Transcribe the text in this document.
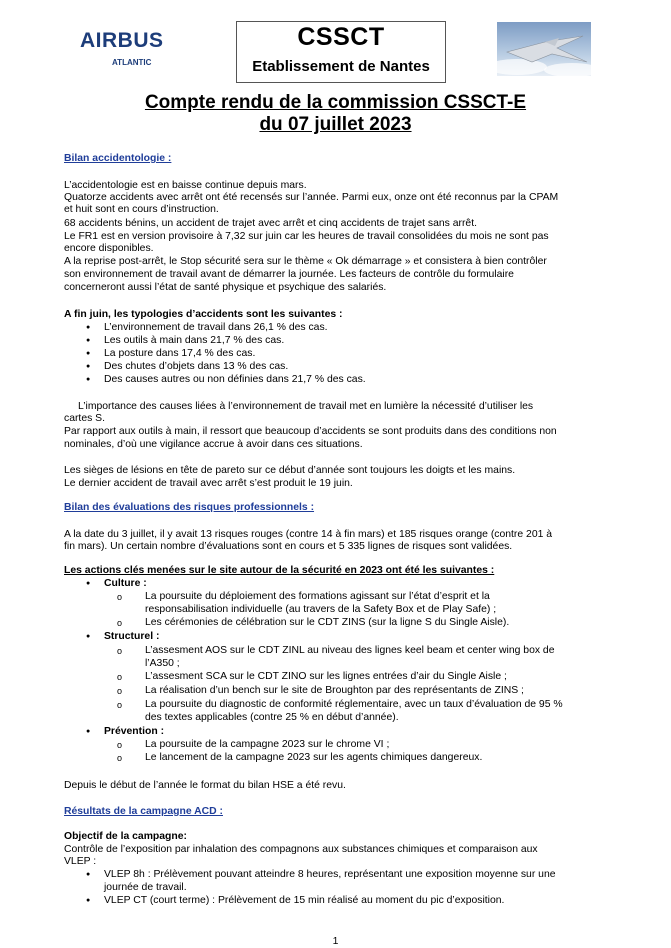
AIRBUS
ATLANTIC
CSSCT
Etablissement de Nantes
Compte rendu de la commission CSSCT-E
du 07 juillet 2023
Bilan accidentologie :
L’accidentologie est en baisse continue depuis mars.
Quatorze accidents avec arrêt ont été recensés sur l’année. Parmi eux, onze ont été reconnus par la CPAM
et huit sont en cours d’instruction.
68 accidents bénins, un accident de trajet avec arrêt et cinq accidents de trajet sans arrêt.
Le FR1 est en version provisoire à 7,32 sur juin car les heures de travail consolidées du mois ne sont pas
encore disponibles.
A la reprise post-arrêt, le Stop sécurité sera sur le thème « Ok démarrage » et consistera à bien contrôler
son environnement de travail avant de démarrer la journée. Les facteurs de contrôle du formulaire
concerneront aussi l’état de santé physique et psychique des salariés.
A fin juin, les typologies d’accidents sont les suivantes :
● L’environnement de travail dans 26,1 % des cas.
● Les outils à main dans 21,7 % des cas.
● La posture dans 17,4 % des cas.
● Des chutes d’objets dans 13 % des cas.
● Des causes autres ou non définies dans 21,7 % des cas.
L’importance des causes liées à l’environnement de travail met en lumière la nécessité d’utiliser les
cartes S.
Par rapport aux outils à main, il ressort que beaucoup d’accidents se sont produits dans des conditions non
nominales, d’où une vigilance accrue à avoir dans ces situations.
Les sièges de lésions en tête de pareto sur ce début d’année sont toujours les doigts et les mains.
Le dernier accident de travail avec arrêt s’est produit le 19 juin.
Bilan des évaluations des risques professionnels :
A la date du 3 juillet, il y avait 13 risques rouges (contre 14 à fin mars) et 185 risques orange (contre 201 à
fin mars). Un certain nombre d’évaluations sont en cours et 5 335 lignes de risques sont validées.
Les actions clés menées sur le site autour de la sécurité en 2023 ont été les suivantes :
● Culture :
o La poursuite du déploiement des formations agissant sur l’état d’esprit et la
responsabilisation individuelle (au travers de la Safety Box et de Play Safe) ;
o Les cérémonies de célébration sur le CDT ZINS (sur la ligne S du Single Aisle).
● Structurel :
o L’assesment AOS sur le CDT ZINL au niveau des lignes keel beam et center wing box de
l’A350 ;
o L’assesment SCA sur le CDT ZINO sur les lignes entrées d’air du Single Aisle ;
o La réalisation d’un bench sur le site de Broughton par des représentants de ZINS ;
o La poursuite du diagnostic de conformité réglementaire, avec un taux d’évaluation de 95 %
des textes applicables (contre 25 % en début d’année).
● Prévention :
o La poursuite de la campagne 2023 sur le chrome VI ;
o Le lancement de la campagne 2023 sur les agents chimiques dangereux.
Depuis le début de l’année le format du bilan HSE a été revu.
Résultats de la campagne ACD :
Objectif de la campagne:
Contrôle de l’exposition par inhalation des compagnons aux substances chimiques et comparaison aux
VLEP :
● VLEP 8h : Prélèvement pouvant atteindre 8 heures, représentant une exposition moyenne sur une
journée de travail.
● VLEP CT (court terme) : Prélèvement de 15 min réalisé au moment du pic d’exposition.
1
